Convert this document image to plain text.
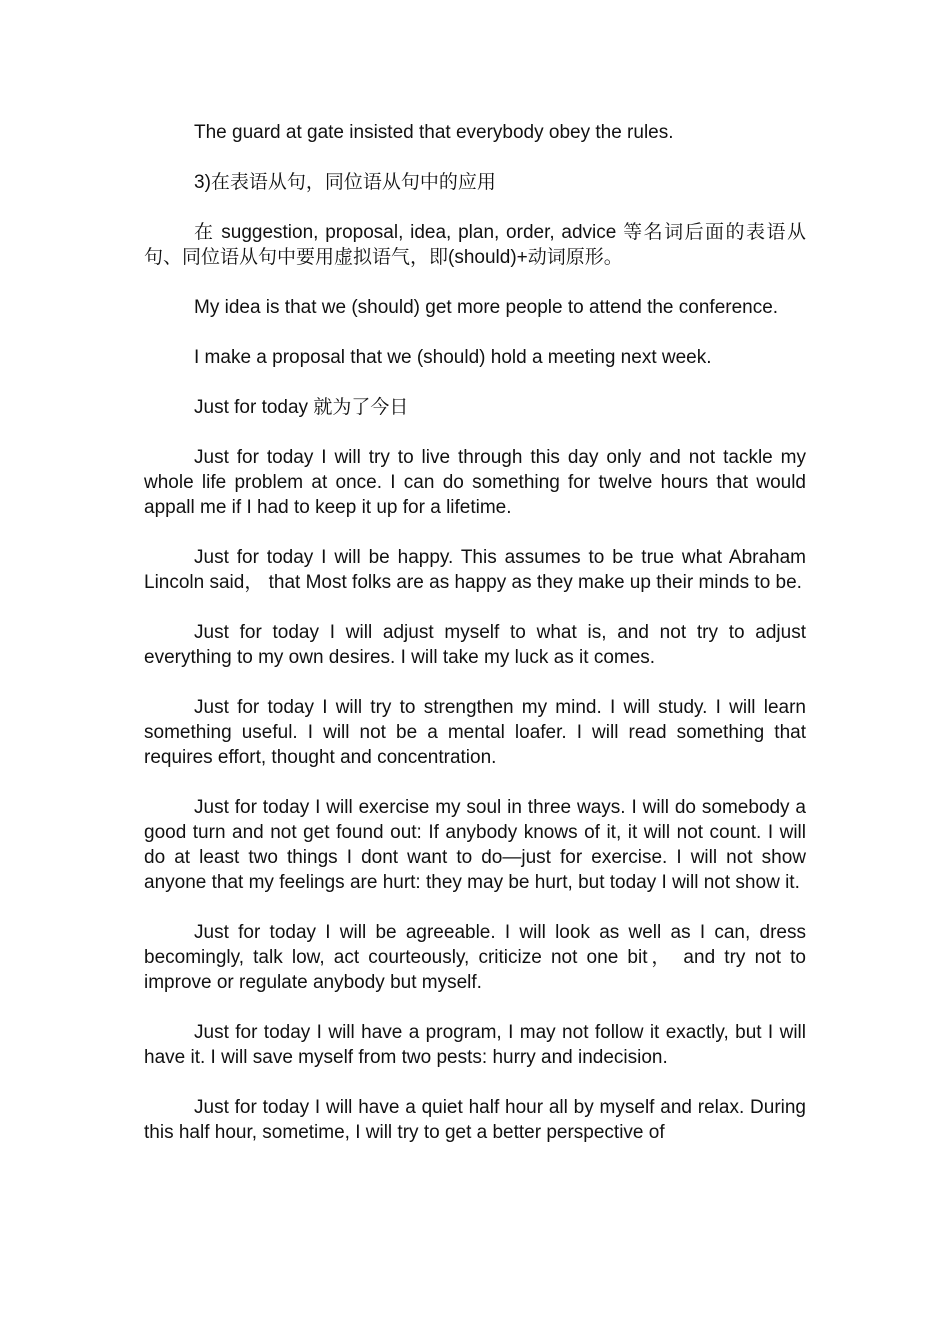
The guard at gate insisted that everybody obey the rules.

3)在表语从句，同位语从句中的应用

在 suggestion, proposal, idea, plan, order, advice 等名词后面的表语从句、同位语从句中要用虚拟语气，即(should)+动词原形。

My idea is that we (should) get more people to attend the conference.

I make a proposal that we (should) hold a meeting next week.

Just for today 就为了今日

Just for today I will try to live through this day only and not tackle my whole life problem at once. I can do something for twelve hours that would appall me if I had to keep it up for a lifetime.

Just for today I will be happy. This assumes to be true what Abraham Lincoln said， that Most folks are as happy as they make up their minds to be.

Just for today I will adjust myself to what is, and not try to adjust everything to my own desires. I will take my luck as it comes.

Just for today I will try to strengthen my mind. I will study. I will learn something useful. I will not be a mental loafer. I will read something that requires effort, thought and concentration.

Just for today I will exercise my soul in three ways. I will do somebody a good turn and not get found out: If anybody knows of it, it will not count. I will do at least two things I dont want to do—just for exercise. I will not show anyone that my feelings are hurt: they may be hurt, but today I will not show it.

Just for today I will be agreeable. I will look as well as I can, dress becomingly, talk low, act courteously, criticize not one bit， and try not to improve or regulate anybody but myself.

Just for today I will have a program, I may not follow it exactly, but I will have it. I will save myself from two pests: hurry and indecision.

Just for today I will have a quiet half hour all by myself and relax. During this half hour, sometime, I will try to get a better perspective of
